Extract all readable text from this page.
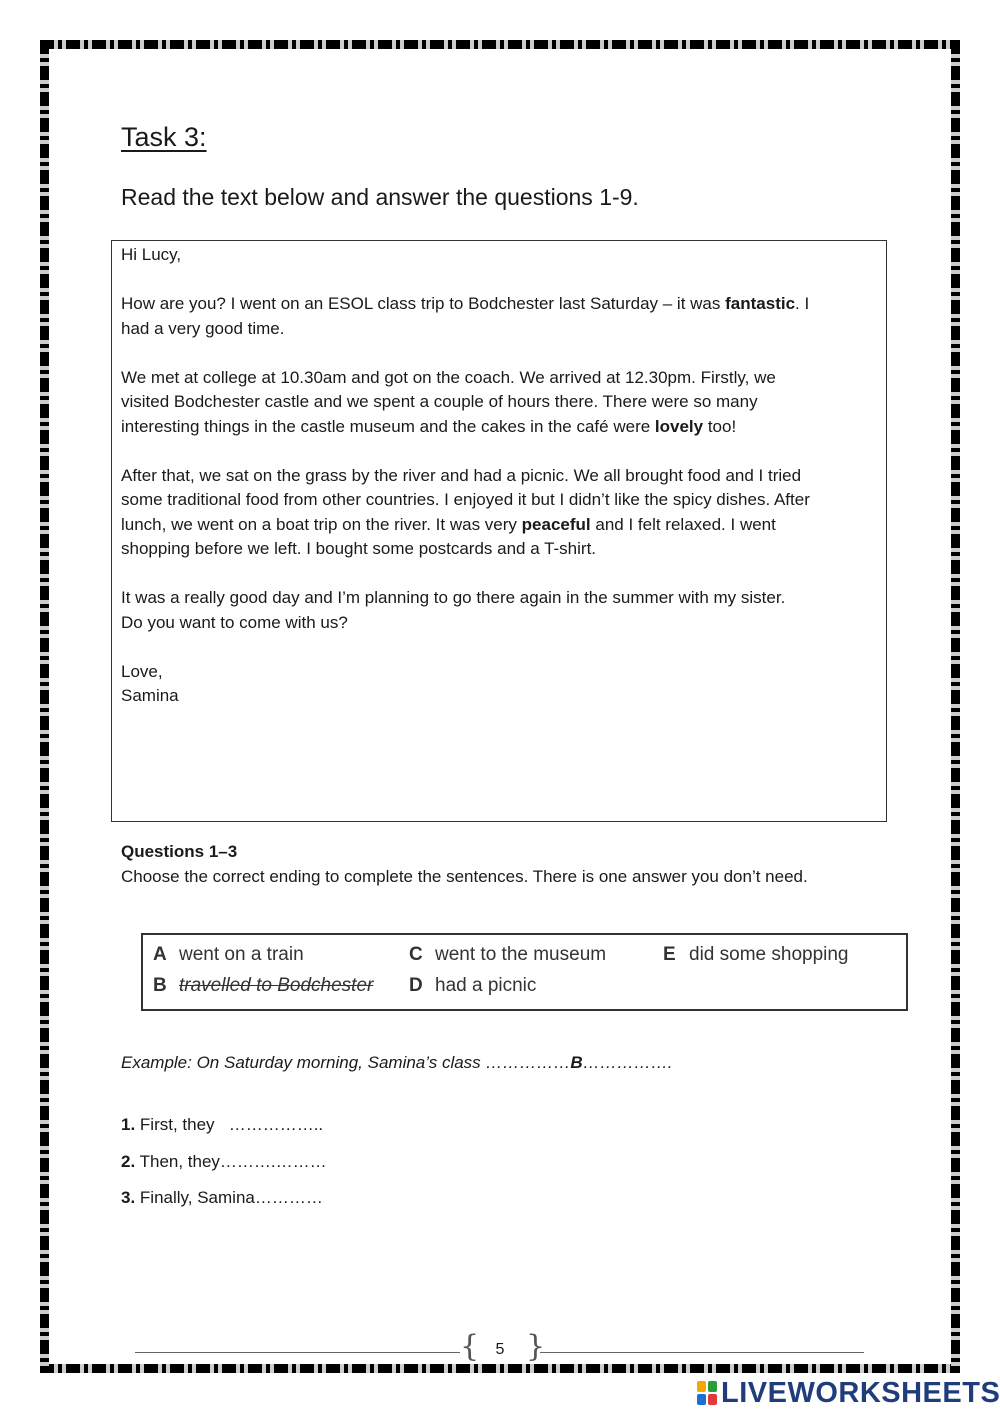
Task 3:
Read the text below and answer the questions 1-9.

Hi Lucy,

How are you? I went on an ESOL class trip to Bodchester last Saturday – it was fantastic. I had a very good time.

We met at college at 10.30am and got on the coach. We arrived at 12.30pm. Firstly, we visited Bodchester castle and we spent a couple of hours there. There were so many interesting things in the castle museum and the cakes in the café were lovely too!

After that, we sat on the grass by the river and had a picnic. We all brought food and I tried some traditional food from other countries. I enjoyed it but I didn’t like the spicy dishes. After lunch, we went on a boat trip on the river. It was very peaceful and I felt relaxed. I went shopping before we left. I bought some postcards and a T-shirt.

It was a really good day and I’m planning to go there again in the summer with my sister. Do you want to come with us?

Love,
Samina

Questions 1–3
Choose the correct ending to complete the sentences. There is one answer you don’t need.
A went on a train
B travelled to Bodchester
C went to the museum
D had a picnic
E did some shopping
Example: On Saturday morning, Samina’s class ……………B…………….
1. First, they   ……………..
2. Then, they……….………
3. Finally, Samina…………
{ }
5
LIVEWORKSHEETS
